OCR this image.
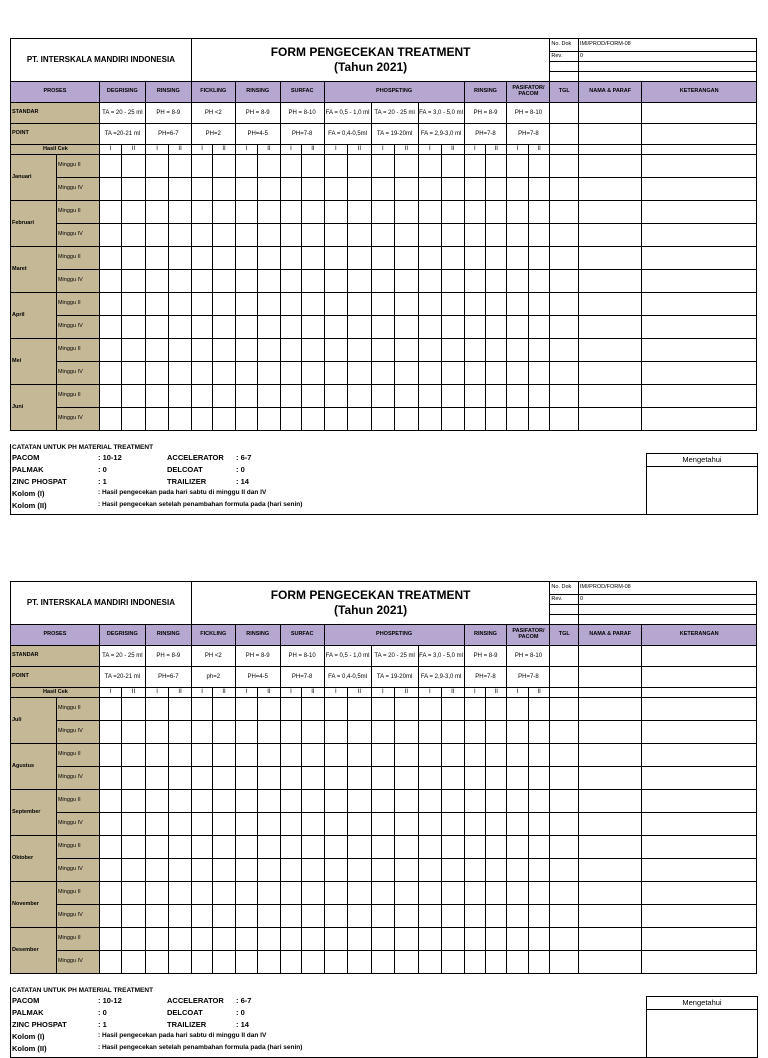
PT. INTERSKALA MANDIRI INDONESIA						FORM PENGECEKAN TREATMENT
(Tahun 2021)																No. Dok	IMI/PROD/FORM-08	
																						Rev.	0	

PROSES		DEGRISING		RINSING		FICKLING		RINSING		SURFAC		PHOSPETING						RINSING		PASIFATOR/ PACOM		TGL	NAMA & PARAF	KETERANGAN
STANDAR		TA = 20 - 25 ml		PH = 8-9		PH <2		PH = 8-9		PH = 8-10		FA = 0,5 - 1,0 ml		TA = 20 - 25 ml		FA = 3,0 - 5,0 ml		PH = 8-9		PH = 8-10				
POINT		TA =20-21 ml		PH=6-7		PH=2		PH=4-5		PH=7-8		FA = 0,4-0,5ml		TA = 19-20ml		FA = 2,9-3,0 ml		PH=7-8		PH=7-8				
Hasil Cek		I	II	I	II	I	II	I	II	I	II	I	II	I	II	I	II	I	II	I	II			
Januari	Minggu II																							
	Minggu IV																							
Februari	Minggu II																							
	Minggu IV																							
Maret	Minggu II																							
	Minggu IV																							
April	Minggu II																							
	Minggu IV																							
Mei	Minggu II																							
	Minggu IV																							
Juni	Minggu II																							
	Minggu IV																							
CATATAN UNTUK PH MATERIAL TREATMENT
PACOM	: 10-12	ACCELERATOR : 6-7
PALMAK	: 0	DELCOAT	: 0
ZINC PHOSPAT	: 1	TRAILIZER	: 14
Kolom (I)	: Hasil pengecekan pada hari sabtu di minggu II dan IV
Kolom (II)	: Hasil pengecekan setelah penambahan formula pada (hari senin)
Mengetahui
PT. INTERSKALA MANDIRI INDONESIA						FORM PENGECEKAN TREATMENT
(Tahun 2021)																No. Dok	IMI/PROD/FORM-08	
																						Rev.	0	

PROSES		DEGRISING		RINSING		FICKLING		RINSING		SURFAC		PHOSPETING						RINSING		PASIFATOR/ PACOM		TGL	NAMA & PARAF	KETERANGAN
STANDAR		TA = 20 - 25 ml		PH = 8-9		PH <2		PH = 8-9		PH = 8-10		FA = 0,5 - 1,0 ml		TA = 20 - 25 ml		FA = 3,0 - 5,0 ml		PH = 8-9		PH = 8-10				
POINT		TA =20-21 ml		PH=6-7		ph=2		PH=4-5		PH=7-8		FA = 0,4-0,5ml		TA = 19-20ml		FA = 2,9-3,0 ml		PH=7-8		PH=7-8				
Hasil Cek		I	II	I	II	I	II	I	II	I	II	I	II	I	II	I	II	I	II	I	II			
Juli	Minggu II																							
	Minggu IV																							
Agustus	Minggu II																							
	Minggu IV																							
September	Minggu II																							
	Minggu IV																							
Oktober	Minggu II																							
	Minggu IV																							
November	Minggu II																							
	Minggu IV																							
Desember	Minggu II																							
	Minggu IV																							
CATATAN UNTUK PH MATERIAL TREATMENT
PACOM	: 10-12	ACCELERATOR : 6-7
PALMAK	: 0	DELCOAT	: 0
ZINC PHOSPAT	: 1	TRAILIZER	: 14
Kolom (I)	: Hasil pengecekan pada hari sabtu di minggu II dan IV
Kolom (II)	: Hasil pengecekan setelah penambahan formula pada (hari senin)
Mengetahui
